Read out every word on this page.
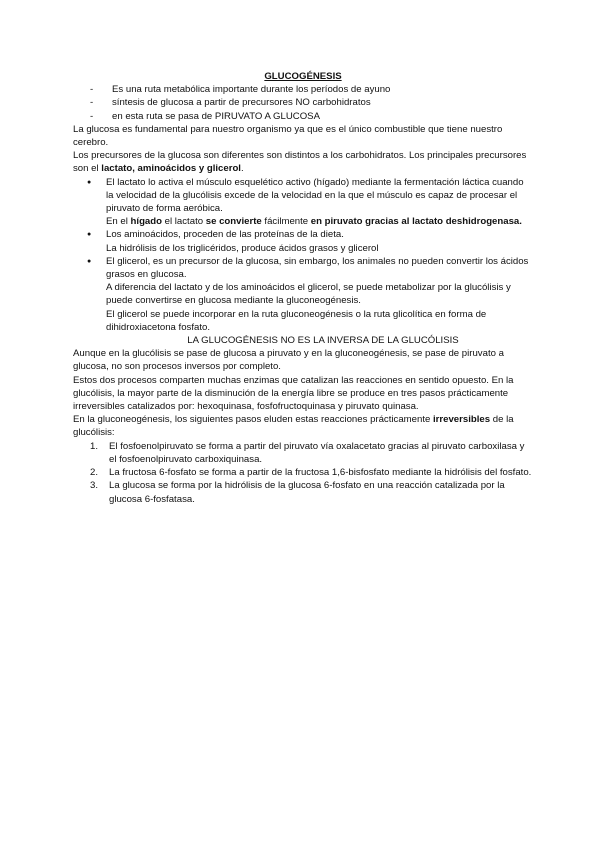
GLUCOGÉNESIS
- Es una ruta metabólica importante durante los períodos de ayuno
- síntesis de glucosa a partir de precursores NO carbohidratos
- en esta ruta se pasa de PIRUVATO A GLUCOSA

La glucosa es fundamental para nuestro organismo ya que es el único combustible que tiene nuestro cerebro.

Los precursores de la glucosa son diferentes son distintos a los carbohidratos. Los principales precursores son el lactato, aminoácidos y glicerol.

● El lactato lo activa el músculo esquelético activo (hígado) mediante la fermentación láctica cuando la velocidad de la glucólisis excede de la velocidad en la que el músculo es capaz de procesar el piruvato de forma aeróbica.

En el hígado el lactato se convierte fácilmente en piruvato gracias al lactato deshidrogenasa.

● Los aminoácidos, proceden de las proteínas de la dieta.

La hidrólisis de los triglicéridos, produce ácidos grasos y glicerol

● El glicerol, es un precursor de la glucosa, sin embargo, los animales no pueden convertir los ácidos grasos en glucosa.

A diferencia del lactato y de los aminoácidos el glicerol, se puede metabolizar por la glucólisis y puede convertirse en glucosa mediante la gluconeogénesis.

El glicerol se puede incorporar en la ruta gluconeogénesis o la ruta glicolítica en forma de dihidroxiacetona fosfato.

LA GLUCOGÉNESIS NO ES LA INVERSA DE LA GLUCÓLISIS

Aunque en la glucólisis se pase de glucosa a piruvato y en la gluconeogénesis, se pase de piruvato a glucosa, no son procesos inversos por completo.

Estos dos procesos comparten muchas enzimas que catalizan las reacciones en sentido opuesto. En la glucólisis, la mayor parte de la disminución de la energía libre se produce en tres pasos prácticamente irreversibles catalizados por: hexoquinasa, fosfofructoquinasa y piruvato quinasa.

En la gluconeogénesis, los siguientes pasos eluden estas reacciones prácticamente irreversibles de la glucólisis:

1. El fosfoenolpiruvato se forma a partir del piruvato vía oxalacetato gracias al piruvato carboxilasa y el fosfoenolpiruvato carboxiquinasa.
2. La fructosa 6-fosfato se forma a partir de la fructosa 1,6-bisfosfato mediante la hidrólisis del fosfato.
3. La glucosa se forma por la hidrólisis de la glucosa 6-fosfato en una reacción catalizada por la glucosa 6-fosfatasa.
